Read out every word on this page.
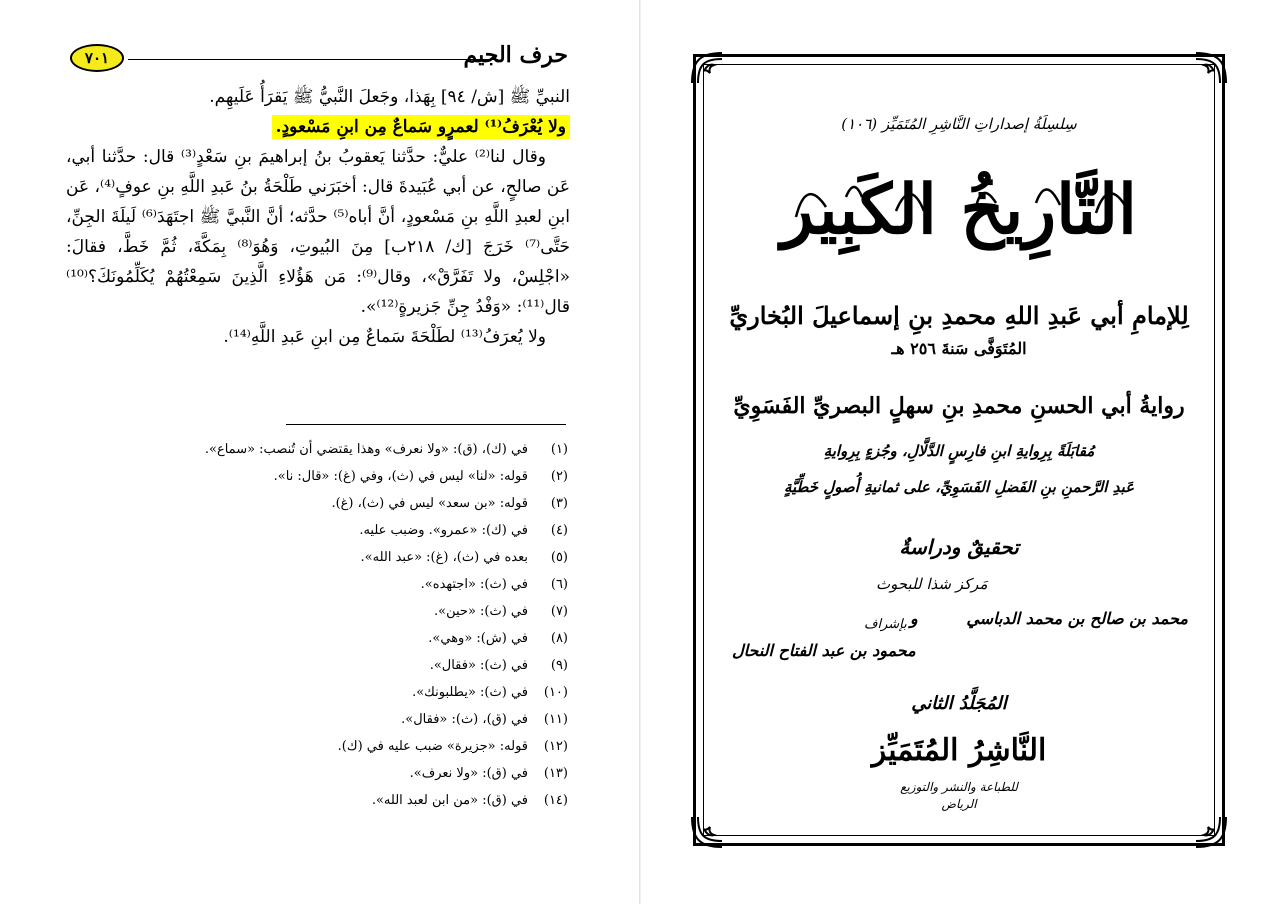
٧٠١	حرف الجيم

النبيِّ ﷺ [ش/ ٩٤] بِهَذا، وجَعلَ النَّبيُّ ﷺ يَقرَأُ عَلَيهِم.

ولا يُعْرَفُ⁽¹⁾ لعمرٍو سَماعٌ مِن ابنِ مَسْعودٍ.

وقال لنا⁽²⁾ عليٌّ: حدَّثنا يَعقوبُ بنُ إبراهيمَ بنِ سَعْدٍ⁽³⁾ قال: حدَّثنا أبي، عَن صالحٍ، عن أبي عُبَيدةَ قال: أخبَرَني طَلْحَةُ بنُ عَبدِ اللَّهِ بنِ عوفٍ⁽⁴⁾، عَن ابنِ لعبدِ اللَّهِ بنِ مَسْعودٍ، أنَّ أباه⁽⁵⁾ حدَّثه؛ أنَّ النَّبيَّ ﷺ اجتَهَدَ⁽⁶⁾ لَيلَةَ الجِنِّ، حَتَّى⁽⁷⁾ خَرَجَ [ك/ ٢١٨ب] مِنَ البُيوتِ، وَهُوَ⁽⁸⁾ بِمَكَّةَ، ثُمَّ خَطَّ، فقالَ: «اجْلِسْ، ولا تَفَرَّقْ»، وقال⁽⁹⁾: مَن هَؤُلاءِ الَّذِينَ سَمِعْتُهُمْ يُكَلِّمُونَكَ؟⁽¹⁰⁾ قال⁽¹¹⁾: «وَفْدُ جِنِّ جَزيرةٍ⁽¹²⁾».

ولا يُعرَفُ⁽¹³⁾ لطَلْحَةَ سَماعٌ مِن ابنِ عَبدِ اللَّهِ⁽¹⁴⁾.

(١)
في (ك)، (ق): «ولا نعرف» وهذا يقتضي أن تُنصب: «سماع».
(٢)
قوله: «لنا» ليس في (ث)، وفي (غ): «قال: نا».
(٣)
قوله: «بن سعد» ليس في (ث)، (غ).
(٤)
في (ك): «عمرو». وضبب عليه.
(٥)
بعده في (ث)، (غ): «عبد الله».
(٦)
في (ث): «اجتهده».
(٧)
في (ث): «حين».
(٨)
في (ش): «وهي».
(٩)
في (ث): «فقال».
(١٠)
في (ث): «يطلبونك».
(١١)
في (ق)، (ث): «فقال».
(١٢)
قوله: «جزيرة» ضبب عليه في (ك).
(١٣)
في (ق): «ولا نعرف».
(١٤)
في (ق): «من ابن لعبد الله».
سِلسِلَةُ إصداراتِ النَّاشِرِ المُتَمَيِّز (١٠٦)
التَّارِيخُ الكَبِير
لِلإمامِ أبي عَبدِ اللهِ محمدِ بنِ إسماعيلَ البُخاريِّ
المُتَوَفَّى سَنةَ ٢٥٦ هـ
روايةُ أبي الحسنِ محمدِ بنِ سهلٍ البصريِّ الفَسَوِيِّ
مُقابَلَةً بِرِوايةِ ابنِ فارِسٍ الدَّلَّالِ، وجُزءٍ بِرِوايةِ
عَبدِ الرَّحمنِ بنِ الفَضلِ الفَسَوِيِّ، على ثمانيةِ أُصولٍ خَطِّيَّةٍ
تحقيقٌ ودراسةٌ
مَركز شذا للبحوث
محمد بن صالح بن محمد الدباسي
و
بإشراف
محمود بن عبد الفتاح النحال
المُجَلَّدُ الثاني
النَّاشِرُ المُتَمَيِّز
للطباعة والنشر والتوزيع
الرياض
